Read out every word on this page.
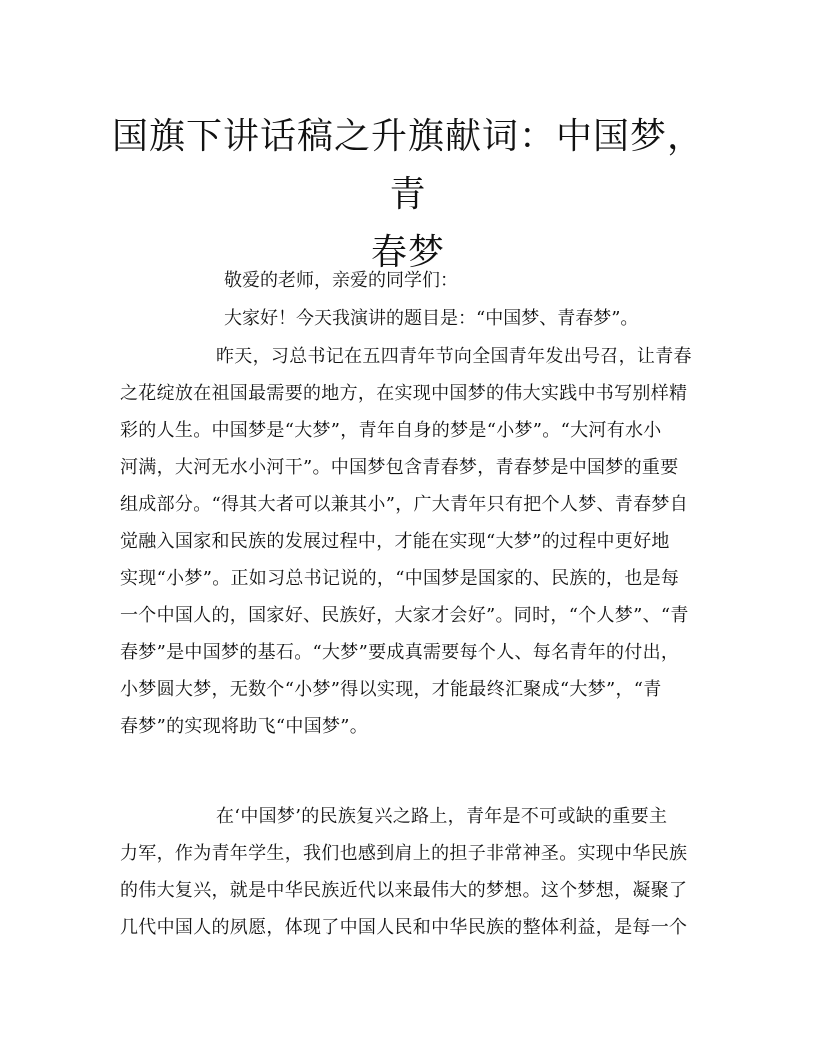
国旗下讲话稿之升旗献词：中国梦，青
春梦

敬爱的老师，亲爱的同学们：

大家好！今天我演讲的题目是：“中国梦、青春梦”。

昨天，习总书记在五四青年节向全国青年发出号召，让青春
之花绽放在祖国最需要的地方，在实现中国梦的伟大实践中书写别样精
彩的人生。中国梦是“大梦”，青年自身的梦是“小梦”。“大河有水小
河满，大河无水小河干”。中国梦包含青春梦，青春梦是中国梦的重要
组成部分。“得其大者可以兼其小”，广大青年只有把个人梦、青春梦自
觉融入国家和民族的发展过程中，才能在实现“大梦”的过程中更好地
实现“小梦”。正如习总书记说的，“中国梦是国家的、民族的，也是每
一个中国人的，国家好、民族好，大家才会好”。同时，“个人梦”、“青
春梦”是中国梦的基石。“大梦”要成真需要每个人、每名青年的付出，
小梦圆大梦，无数个“小梦”得以实现，才能最终汇聚成“大梦”，“青
春梦”的实现将助飞“中国梦”。
在‘中国梦’的民族复兴之路上，青年是不可或缺的重要主
力军，作为青年学生，我们也感到肩上的担子非常神圣。实现中华民族
的伟大复兴，就是中华民族近代以来最伟大的梦想。这个梦想，凝聚了
几代中国人的夙愿，体现了中国人民和中华民族的整体利益，是每一个
